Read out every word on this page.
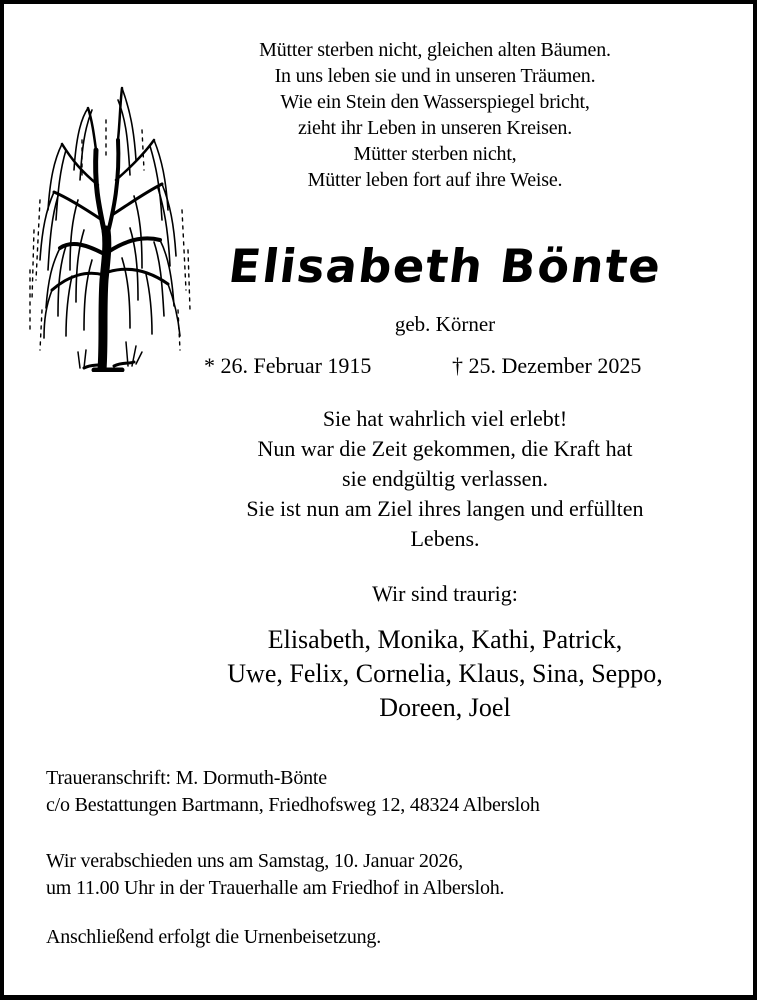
Mütter sterben nicht, gleichen alten Bäumen.
In uns leben sie und in unseren Träumen.
Wie ein Stein den Wasserspiegel bricht,
zieht ihr Leben in unseren Kreisen.
Mütter sterben nicht,
Mütter leben fort auf ihre Weise.
Elisabeth Bönte
geb. Körner
* 26. Februar 1915	† 25. Dezember 2025
Sie hat wahrlich viel erlebt!
Nun war die Zeit gekommen, die Kraft hat
sie endgültig verlassen.
Sie ist nun am Ziel ihres langen und erfüllten
Lebens.
Wir sind traurig:
Elisabeth, Monika, Kathi, Patrick,
Uwe, Felix, Cornelia, Klaus, Sina, Seppo,
Doreen, Joel
Traueranschrift: M. Dormuth-Bönte
c/o Bestattungen Bartmann, Friedhofsweg 12, 48324 Albersloh
Wir verabschieden uns am Samstag, 10. Januar 2026,
um 11.00 Uhr in der Trauerhalle am Friedhof in Albersloh.
Anschließend erfolgt die Urnenbeisetzung.
